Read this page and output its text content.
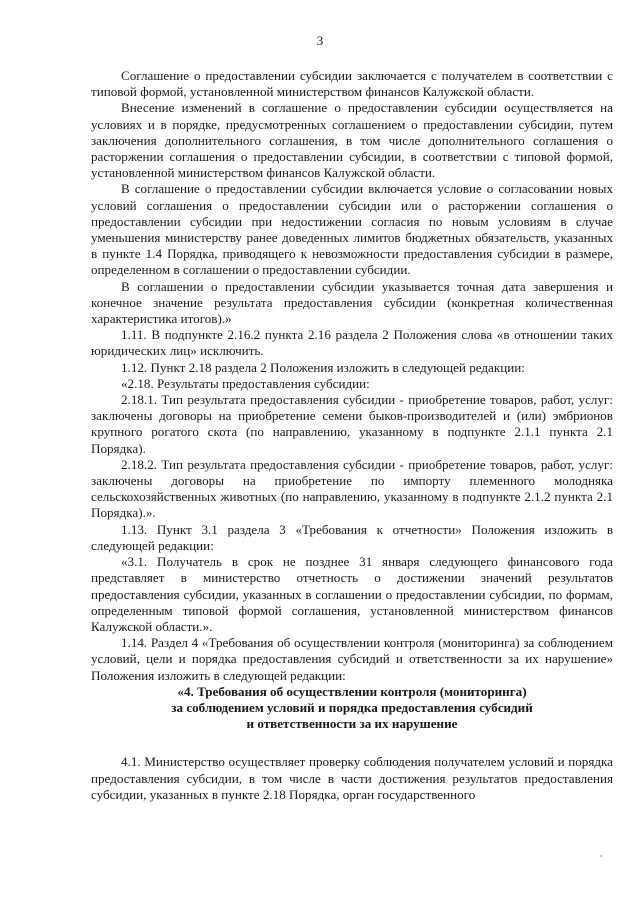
3

Соглашение о предоставлении субсидии заключается с получателем в соответствии с типовой формой, установленной министерством финансов Калужской области.

Внесение изменений в соглашение о предоставлении субсидии осуществляется на условиях и в порядке, предусмотренных соглашением о предоставлении субсидии, путем заключения дополнительного соглашения, в том числе дополнительного соглашения о расторжении соглашения о предоставлении субсидии, в соответствии с типовой формой, установленной министерством финансов Калужской области.

В соглашение о предоставлении субсидии включается условие о согласовании новых условий соглашения о предоставлении субсидии или о расторжении соглашения о предоставлении субсидии при недостижении согласия по новым условиям в случае уменьшения министерству ранее доведенных лимитов бюджетных обязательств, указанных в пункте 1.4 Порядка, приводящего к невозможности предоставления субсидии в размере, определенном в соглашении о предоставлении субсидии.

В соглашении о предоставлении субсидии указывается точная дата завершения и конечное значение результата предоставления субсидии (конкретная количественная характеристика итогов).»

1.11. В подпункте 2.16.2 пункта 2.16 раздела 2 Положения слова «в отношении таких юридических лиц» исключить.

1.12. Пункт 2.18 раздела 2 Положения изложить в следующей редакции:

«2.18. Результаты предоставления субсидии:

2.18.1. Тип результата предоставления субсидии - приобретение товаров, работ, услуг: заключены договоры на приобретение семени быков-производителей и (или) эмбрионов крупного рогатого скота (по направлению, указанному в подпункте 2.1.1 пункта 2.1 Порядка).

2.18.2. Тип результата предоставления субсидии - приобретение товаров, работ, услуг: заключены договоры на приобретение по импорту племенного молодняка сельскохозяйственных животных (по направлению, указанному в подпункте 2.1.2 пункта 2.1 Порядка).».

1.13. Пункт 3.1 раздела 3 «Требования к отчетности» Положения изложить в следующей редакции:

«3.1. Получатель в срок не позднее 31 января следующего финансового года представляет в министерство отчетность о достижении значений результатов предоставления субсидии, указанных в соглашении о предоставлении субсидии, по формам, определенным типовой формой соглашения, установленной министерством финансов Калужской области.».

1.14. Раздел 4 «Требования об осуществлении контроля (мониторинга) за соблюдением условий, цели и порядка предоставления субсидий и ответственности за их нарушение» Положения изложить в следующей редакции:

«4. Требования об осуществлении контроля (мониторинга)

за соблюдением условий и порядка предоставления субсидий

и ответственности за их нарушение

4.1. Министерство осуществляет проверку соблюдения получателем условий и порядка предоставления субсидии, в том числе в части достижения результатов предоставления субсидии, указанных в пункте 2.18 Порядка, орган государственного
